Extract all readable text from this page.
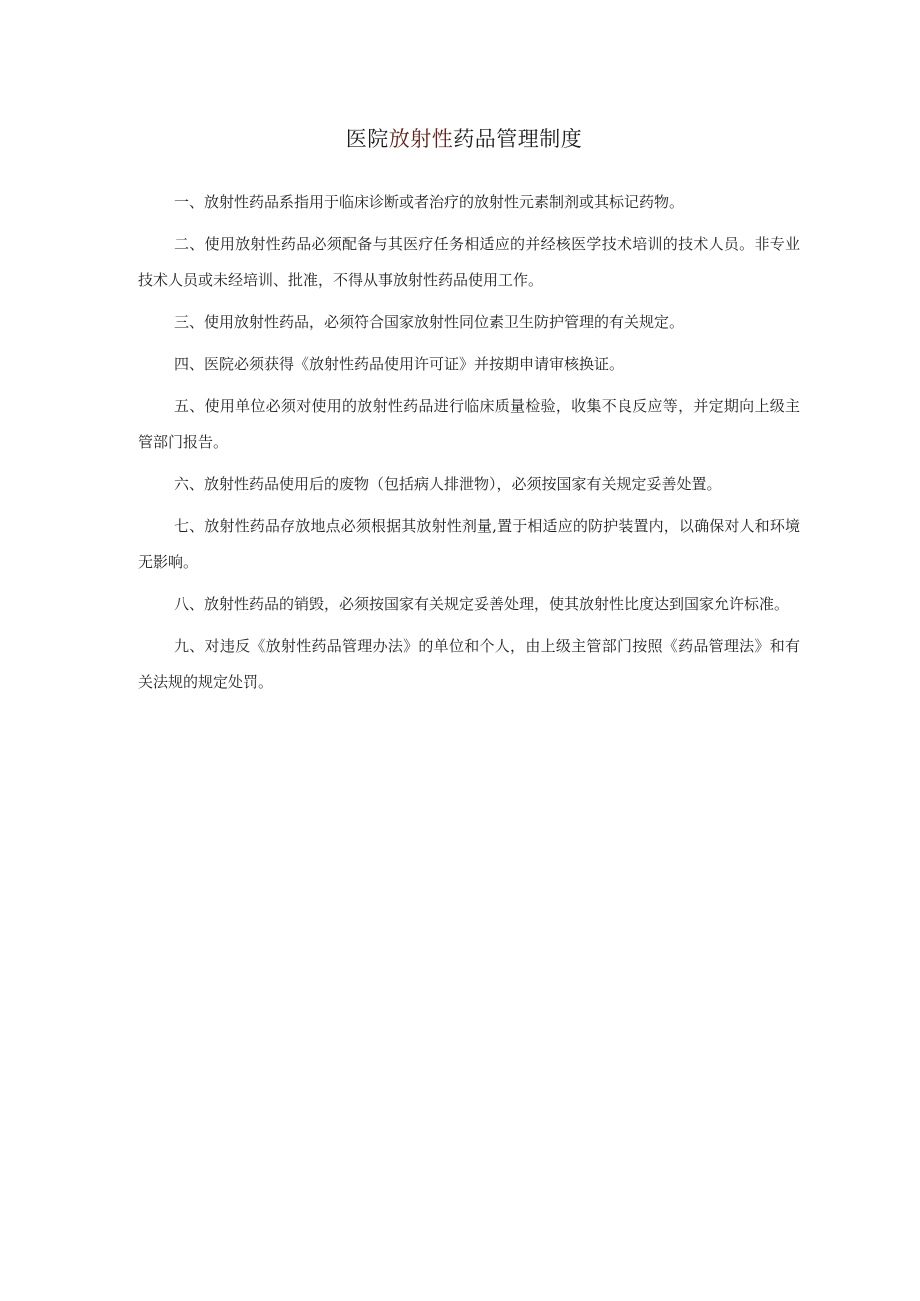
医院放射性药品管理制度

一、放射性药品系指用于临床诊断或者治疗的放射性元素制剂或其标记药物。

二、使用放射性药品必须配备与其医疗任务相适应的并经核医学技术培训的技术人员。非专业技术人员或未经培训、批准，不得从事放射性药品使用工作。

三、使用放射性药品，必须符合国家放射性同位素卫生防护管理的有关规定。

四、医院必须获得《放射性药品使用许可证》并按期申请审核换证。

五、使用单位必须对使用的放射性药品进行临床质量检验，收集不良反应等，并定期向上级主管部门报告。

六、放射性药品使用后的废物（包括病人排泄物），必须按国家有关规定妥善处置。

七、放射性药品存放地点必须根据其放射性剂量,置于相适应的防护装置内，以确保对人和环境无影响。

八、放射性药品的销毁，必须按国家有关规定妥善处理，使其放射性比度达到国家允许标准。

九、对违反《放射性药品管理办法》的单位和个人，由上级主管部门按照《药品管理法》和有关法规的规定处罚。
